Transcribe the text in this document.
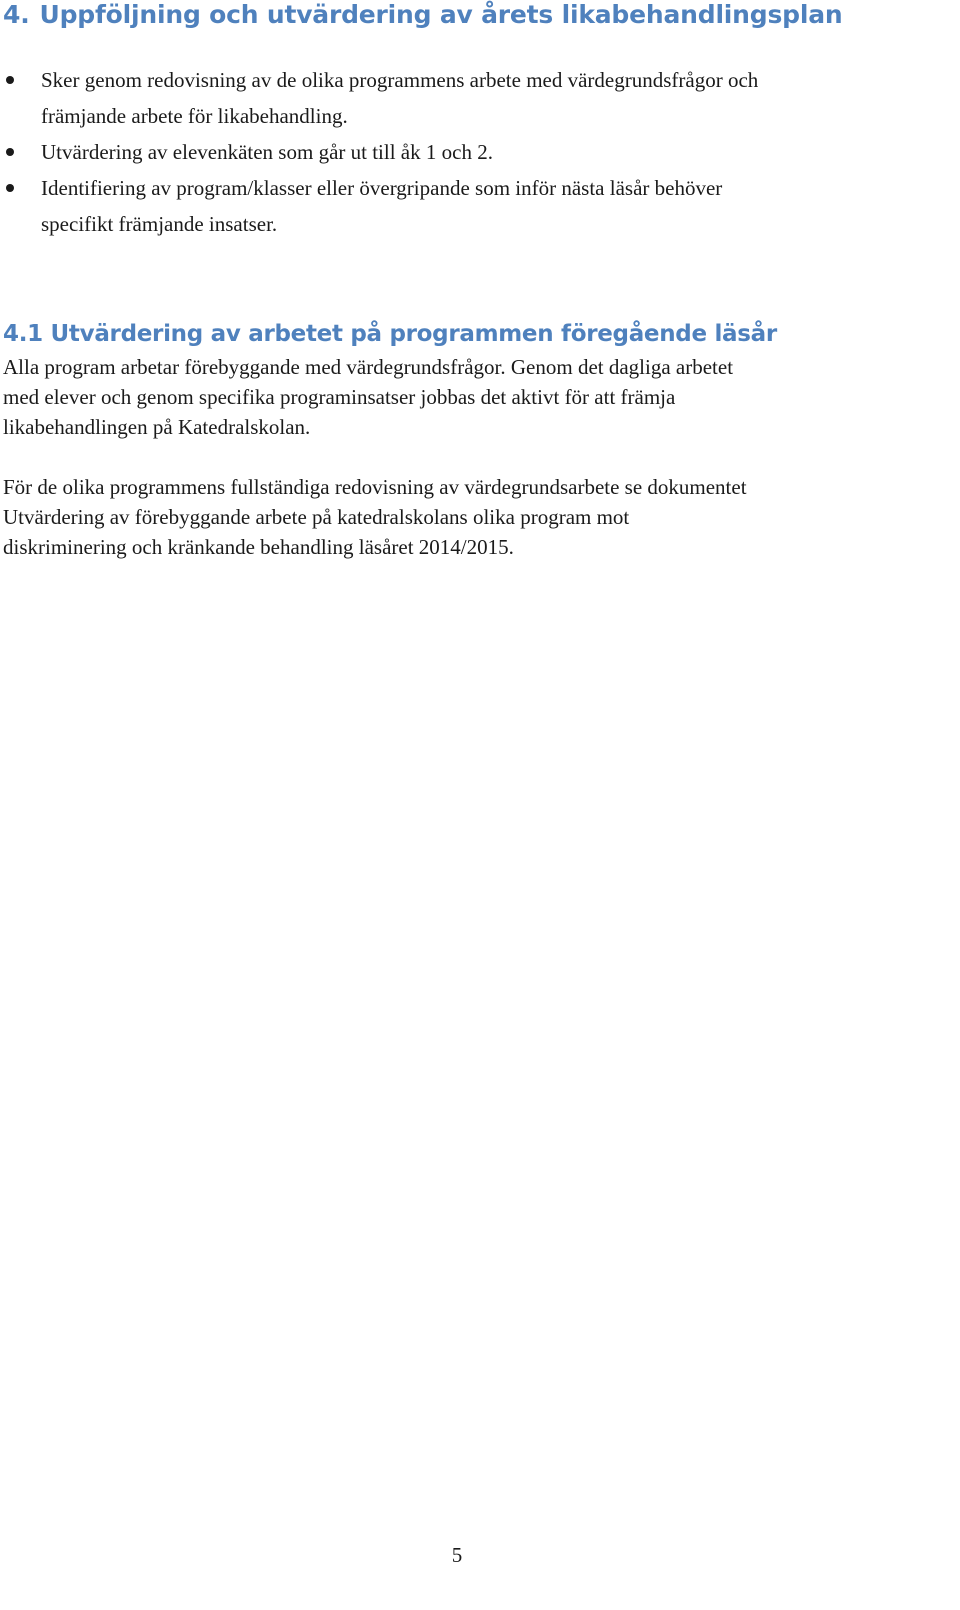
4. Uppföljning och utvärdering av årets likabehandlingsplan
Sker genom redovisning av de olika programmens arbete med värdegrundsfrågor och
främjande arbete för likabehandling.
Utvärdering av elevenkäten som går ut till åk 1 och 2.
Identifiering av program/klasser eller övergripande som inför nästa läsår behöver
specifikt främjande insatser.
4.1 Utvärdering av arbetet på programmen föregående läsår

Alla program arbetar förebyggande med värdegrundsfrågor. Genom det dagliga arbetet
med elever och genom specifika programinsatser jobbas det aktivt för att främja
likabehandlingen på Katedralskolan.

För de olika programmens fullständiga redovisning av värdegrundsarbete se dokumentet
Utvärdering av förebyggande arbete på katedralskolans olika program mot
diskriminering och kränkande behandling läsåret 2014/2015.

5
